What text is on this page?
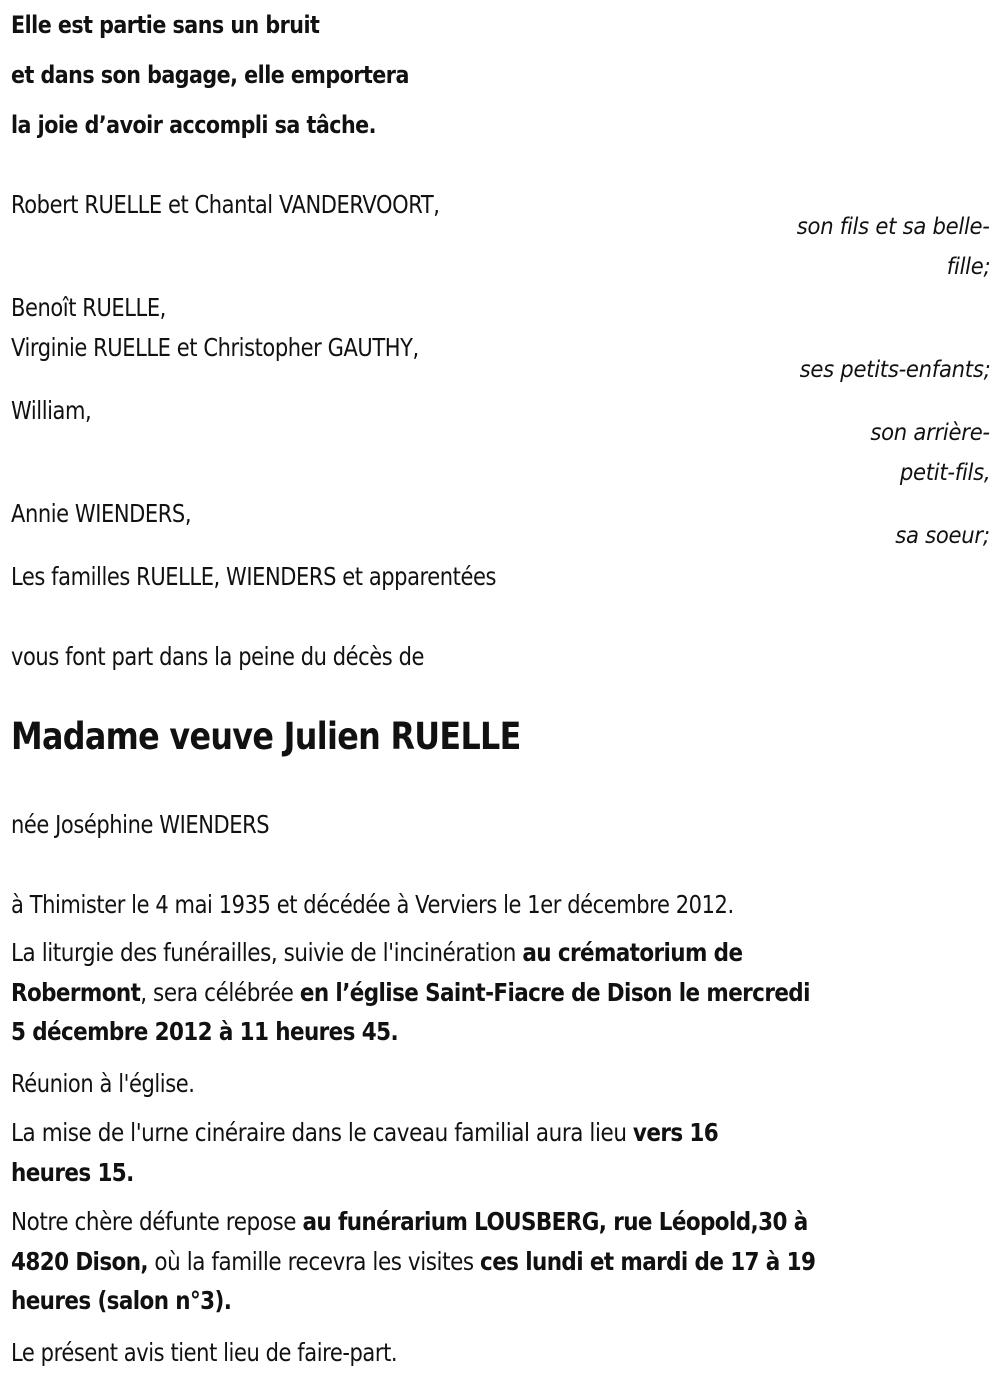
Elle est partie sans un bruit
et dans son bagage, elle emportera
la joie d’avoir accompli sa tâche.
Robert RUELLE et Chantal VANDERVOORT,
son fils et sa belle-
fille;
Benoît RUELLE,
Virginie RUELLE et Christopher GAUTHY,
ses petits-enfants;
William,
son arrière-
petit-fils,
Annie WIENDERS,
sa soeur;
Les familles RUELLE, WIENDERS et apparentées
vous font part dans la peine du décès de
Madame veuve Julien RUELLE
née Joséphine WIENDERS
à Thimister le 4 mai 1935 et décédée à Verviers le 1er décembre 2012.
La liturgie des funérailles, suivie de l'incinération au crématorium de
Robermont, sera célébrée en l’église Saint-Fiacre de Dison le mercredi
5 décembre 2012 à 11 heures 45.
Réunion à l'église.
La mise de l'urne cinéraire dans le caveau familial aura lieu vers 16
heures 15.
Notre chère défunte repose au funérarium LOUSBERG, rue Léopold,30 à
4820 Dison, où la famille recevra les visites ces lundi et mardi de 17 à 19
heures (salon n°3).
Le présent avis tient lieu de faire-part.
